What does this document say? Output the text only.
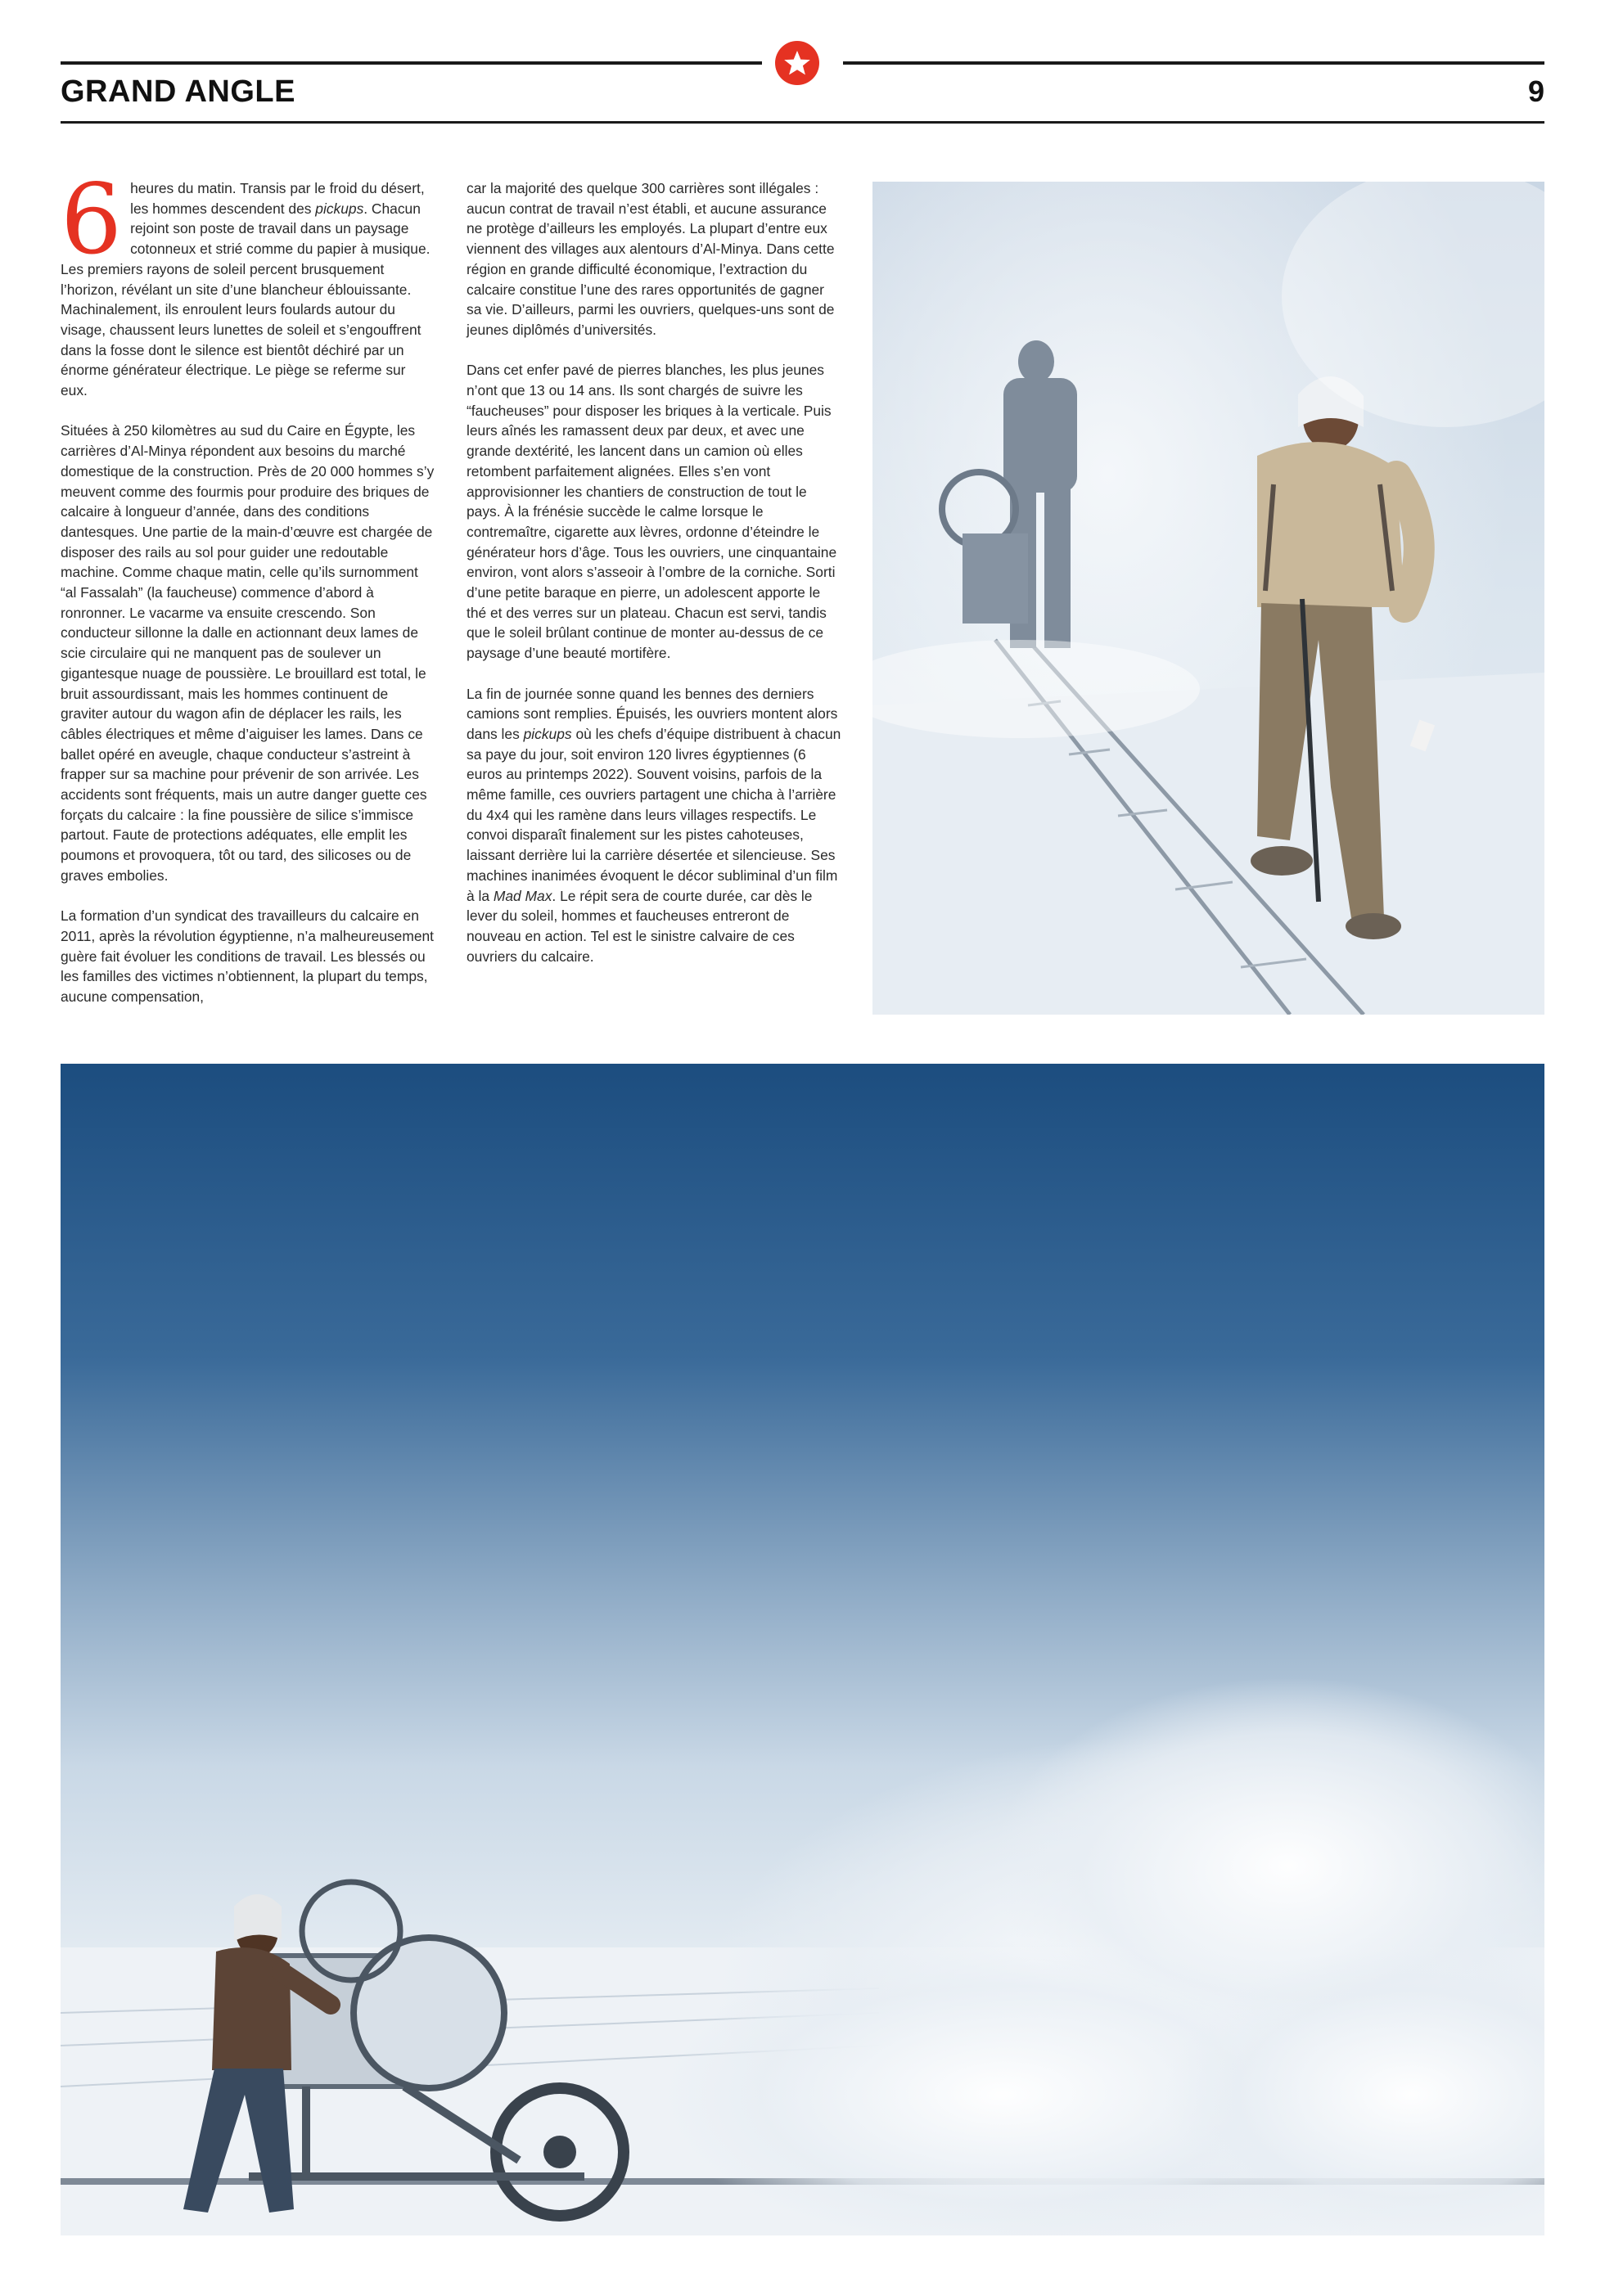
GRAND ANGLE	9

6 heures du matin. Transis par le froid du désert, les hommes descendent des pickups. Chacun rejoint son poste de travail dans un paysage cotonneux et strié comme du papier à musique. Les premiers rayons de soleil percent brusquement l’horizon, révélant un site d’une blancheur éblouissante. Machinalement, ils enroulent leurs foulards autour du visage, chaussent leurs lunettes de soleil et s’engouffrent dans la fosse dont le silence est bientôt déchiré par un énorme générateur électrique. Le piège se referme sur eux.

Situées à 250 kilomètres au sud du Caire en Égypte, les carrières d’Al-Minya répondent aux besoins du marché domestique de la construction. Près de 20 000 hommes s’y meuvent comme des fourmis pour produire des briques de calcaire à longueur d’année, dans des conditions dantesques. Une partie de la main-d’œuvre est chargée de disposer des rails au sol pour guider une redoutable machine. Comme chaque matin, celle qu’ils surnomment “al Fassalah” (la faucheuse) commence d’abord à ronronner. Le vacarme va ensuite crescendo. Son conducteur sillonne la dalle en actionnant deux lames de scie circulaire qui ne manquent pas de soulever un gigantesque nuage de poussière. Le brouillard est total, le bruit assourdissant, mais les hommes continuent de graviter autour du wagon afin de déplacer les rails, les câbles électriques et même d’aiguiser les lames. Dans ce ballet opéré en aveugle, chaque conducteur s’astreint à frapper sur sa machine pour prévenir de son arrivée. Les accidents sont fréquents, mais un autre danger guette ces forçats du calcaire : la fine poussière de silice s’immisce partout. Faute de protections adéquates, elle emplit les poumons et provoquera, tôt ou tard, des silicoses ou de graves embolies.

La formation d’un syndicat des travailleurs du calcaire en 2011, après la révolution égyptienne, n’a malheureusement guère fait évoluer les conditions de travail. Les blessés ou les familles des victimes n’obtiennent, la plupart du temps, aucune compensation,

car la majorité des quelque 300 carrières sont illégales : aucun contrat de travail n’est établi, et aucune assurance ne protège d’ailleurs les employés. La plupart d’entre eux viennent des villages aux alentours d’Al-Minya. Dans cette région en grande difficulté économique, l’extraction du calcaire constitue l’une des rares opportunités de gagner sa vie. D’ailleurs, parmi les ouvriers, quelques-uns sont de jeunes diplômés d’universités.

Dans cet enfer pavé de pierres blanches, les plus jeunes n’ont que 13 ou 14 ans. Ils sont chargés de suivre les “faucheuses” pour disposer les briques à la verticale. Puis leurs aînés les ramassent deux par deux, et avec une grande dextérité, les lancent dans un camion où elles retombent parfaitement alignées. Elles s’en vont approvisionner les chantiers de construction de tout le pays. À la frénésie succède le calme lorsque le contremaître, cigarette aux lèvres, ordonne d’éteindre le générateur hors d’âge. Tous les ouvriers, une cinquantaine environ, vont alors s’asseoir à l’ombre de la corniche. Sorti d’une petite baraque en pierre, un adolescent apporte le thé et des verres sur un plateau. Chacun est servi, tandis que le soleil brûlant continue de monter au-dessus de ce paysage d’une beauté mortifère.

La fin de journée sonne quand les bennes des derniers camions sont remplies. Épuisés, les ouvriers montent alors dans les pickups où les chefs d’équipe distribuent à chacun sa paye du jour, soit environ 120 livres égyptiennes (6 euros au printemps 2022). Souvent voisins, parfois de la même famille, ces ouvriers partagent une chicha à l’arrière du 4x4 qui les ramène dans leurs villages respectifs. Le convoi disparaît finalement sur les pistes cahoteuses, laissant derrière lui la carrière désertée et silencieuse. Ses machines inanimées évoquent le décor subliminal d’un film à la Mad Max. Le répit sera de courte durée, car dès le lever du soleil, hommes et faucheuses entreront de nouveau en action. Tel est le sinistre calvaire de ces ouvriers du calcaire.
